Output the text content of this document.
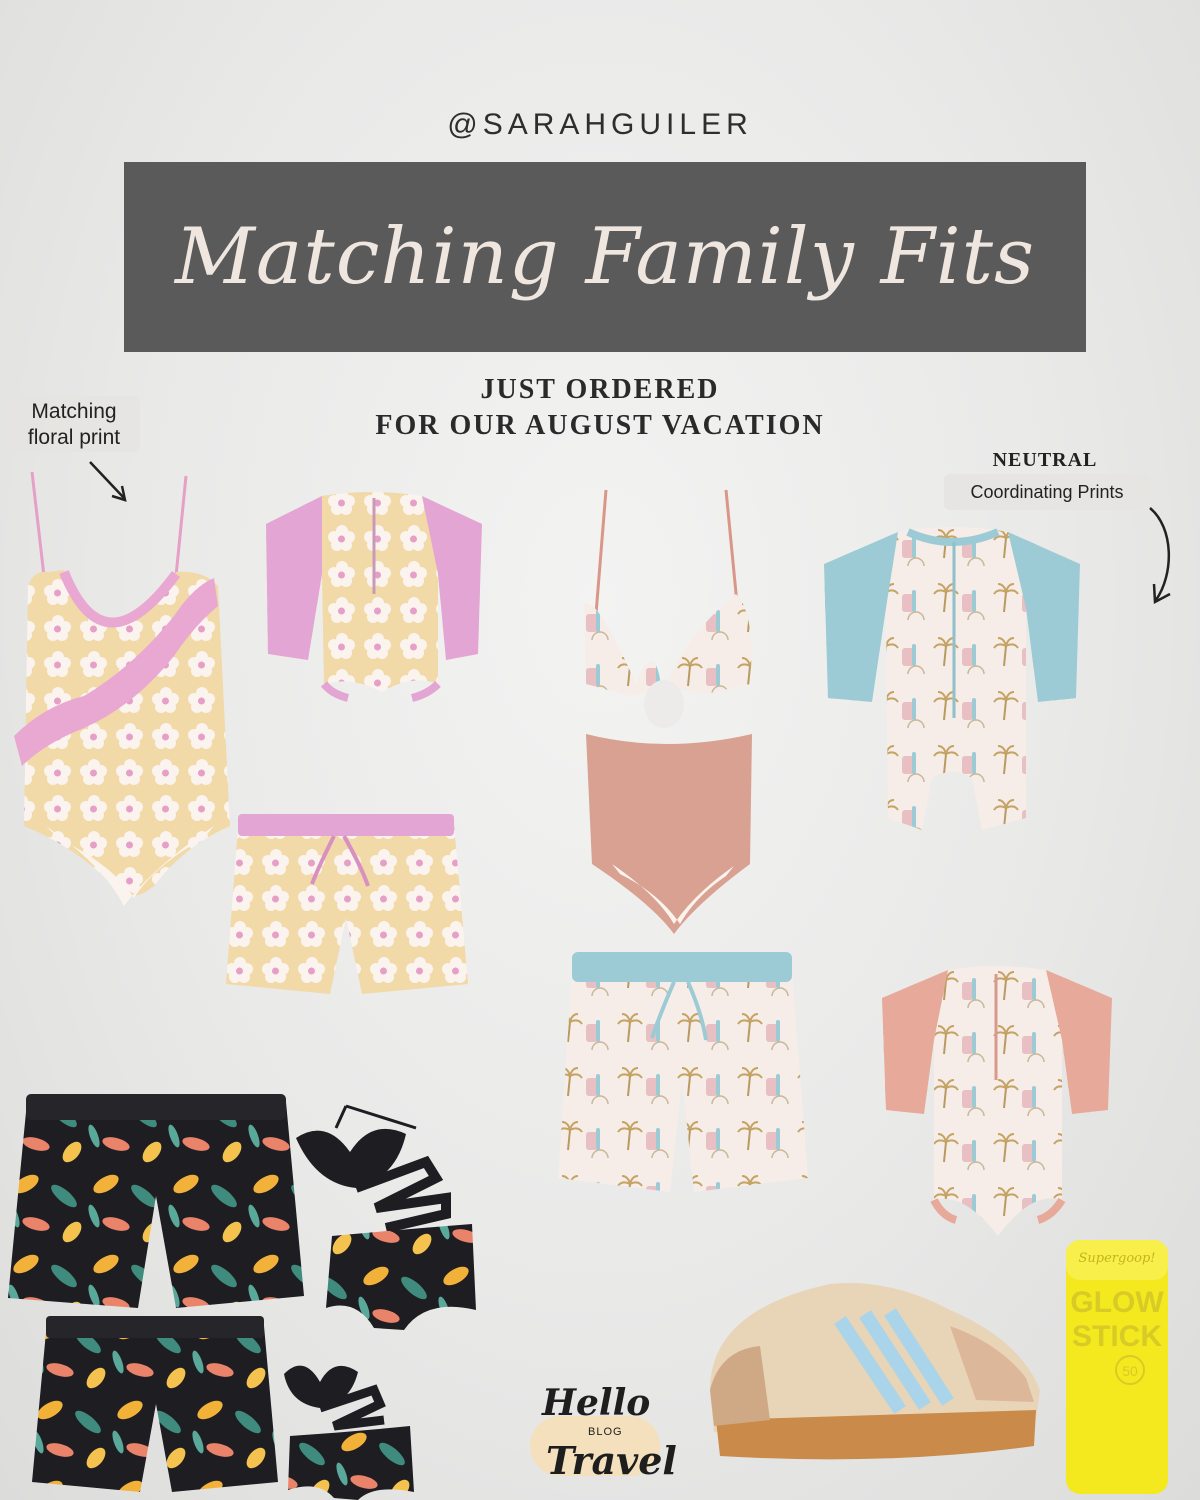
@SARAHGUILER
Matching Family Fits
JUST ORDERED
FOR OUR AUGUST VACATION
Matching
floral print
NEUTRAL
Coordinating Prints
Hello
BLOG
Travel
Supergoop!
GLOW
STICK
50
